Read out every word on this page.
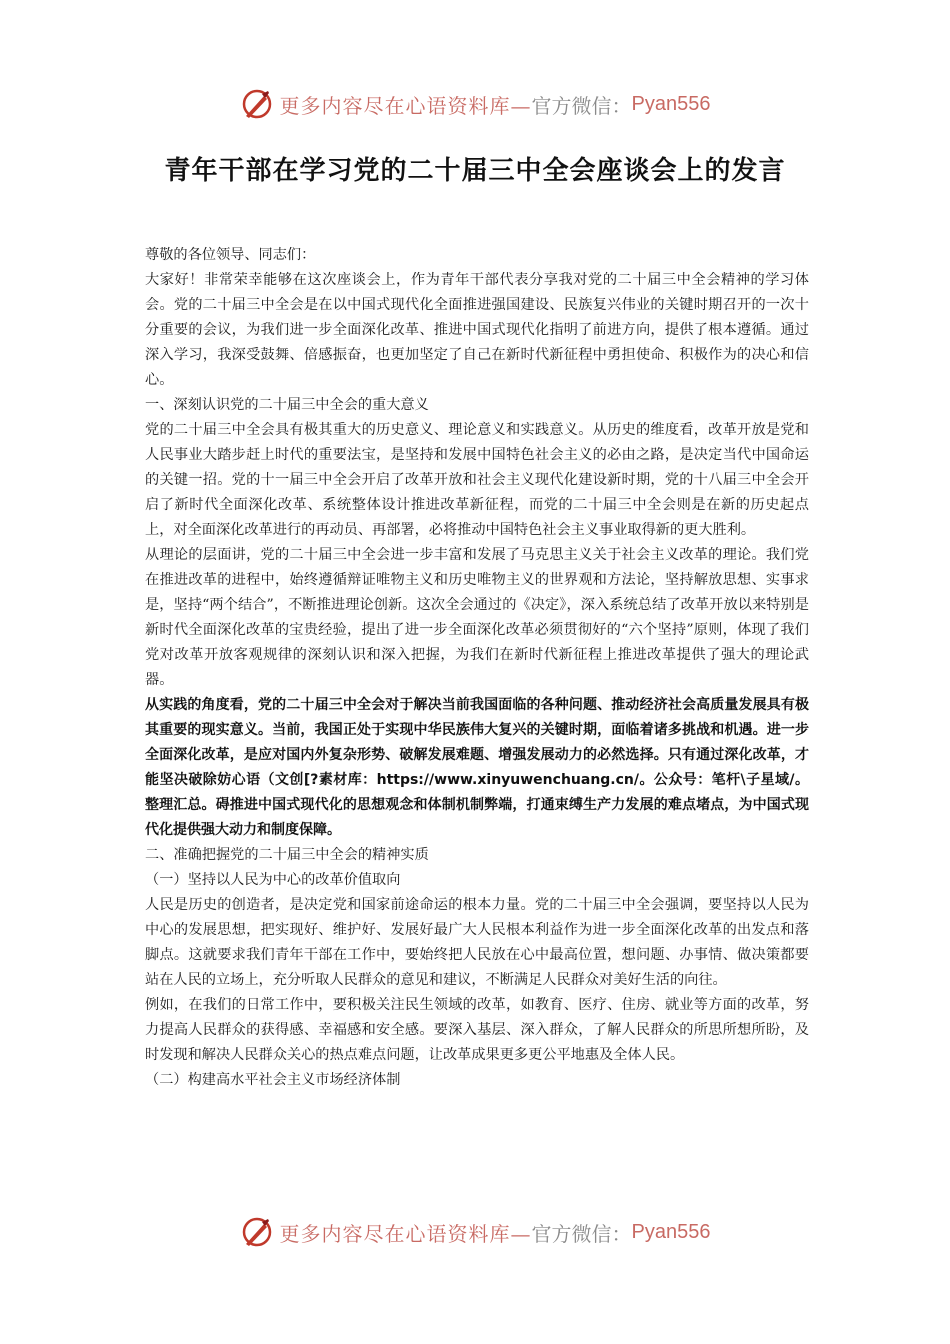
更多内容尽在心语资料库— 官方微信： Pyan556
青年干部在学习党的二十届三中全会座谈会上的发言

尊敬的各位领导、同志们：

大家好！非常荣幸能够在这次座谈会上，作为青年干部代表分享我对党的二十届三中全会精神的学习体会。党的二十届三中全会是在以中国式现代化全面推进强国建设、民族复兴伟业的关键时期召开的一次十分重要的会议，为我们进一步全面深化改革、推进中国式现代化指明了前进方向，提供了根本遵循。通过深入学习，我深受鼓舞、倍感振奋，也更加坚定了自己在新时代新征程中勇担使命、积极作为的决心和信心。

一、深刻认识党的二十届三中全会的重大意义

党的二十届三中全会具有极其重大的历史意义、理论意义和实践意义。从历史的维度看，改革开放是党和人民事业大踏步赶上时代的重要法宝，是坚持和发展中国特色社会主义的必由之路，是决定当代中国命运的关键一招。党的十一届三中全会开启了改革开放和社会主义现代化建设新时期，党的十八届三中全会开启了新时代全面深化改革、系统整体设计推进改革新征程，而党的二十届三中全会则是在新的历史起点上，对全面深化改革进行的再动员、再部署，必将推动中国特色社会主义事业取得新的更大胜利。

从理论的层面讲，党的二十届三中全会进一步丰富和发展了马克思主义关于社会主义改革的理论。我们党在推进改革的进程中，始终遵循辩证唯物主义和历史唯物主义的世界观和方法论，坚持解放思想、实事求是，坚持“两个结合”，不断推进理论创新。这次全会通过的《决定》，深入系统总结了改革开放以来特别是新时代全面深化改革的宝贵经验，提出了进一步全面深化改革必须贯彻好的“六个坚持”原则，体现了我们党对改革开放客观规律的深刻认识和深入把握，为我们在新时代新征程上推进改革提供了强大的理论武器。

从实践的角度看，党的二十届三中全会对于解决当前我国面临的各种问题、推动经济社会高质量发展具有极其重要的现实意义。当前，我国正处于实现中华民族伟大复兴的关键时期，面临着诸多挑战和机遇。进一步全面深化改革，是应对国内外复杂形势、破解发展难题、增强发展动力的必然选择。只有通过深化改革，才能坚决破除妨心语（文创[?素材库：https://www.xinyuwenchuang.cn/。公众号：笔杆\子星域/。整理汇总。碍推进中国式现代化的思想观念和体制机制弊端，打通束缚生产力发展的难点堵点，为中国式现代化提供强大动力和制度保障。

二、准确把握党的二十届三中全会的精神实质

（一）坚持以人民为中心的改革价值取向

人民是历史的创造者，是决定党和国家前途命运的根本力量。党的二十届三中全会强调，要坚持以人民为中心的发展思想，把实现好、维护好、发展好最广大人民根本利益作为进一步全面深化改革的出发点和落脚点。这就要求我们青年干部在工作中，要始终把人民放在心中最高位置，想问题、办事情、做决策都要站在人民的立场上，充分听取人民群众的意见和建议，不断满足人民群众对美好生活的向往。

例如，在我们的日常工作中，要积极关注民生领域的改革，如教育、医疗、住房、就业等方面的改革，努力提高人民群众的获得感、幸福感和安全感。要深入基层、深入群众，了解人民群众的所思所想所盼，及时发现和解决人民群众关心的热点难点问题，让改革成果更多更公平地惠及全体人民。

（二）构建高水平社会主义市场经济体制

更多内容尽在心语资料库— 官方微信： Pyan556
